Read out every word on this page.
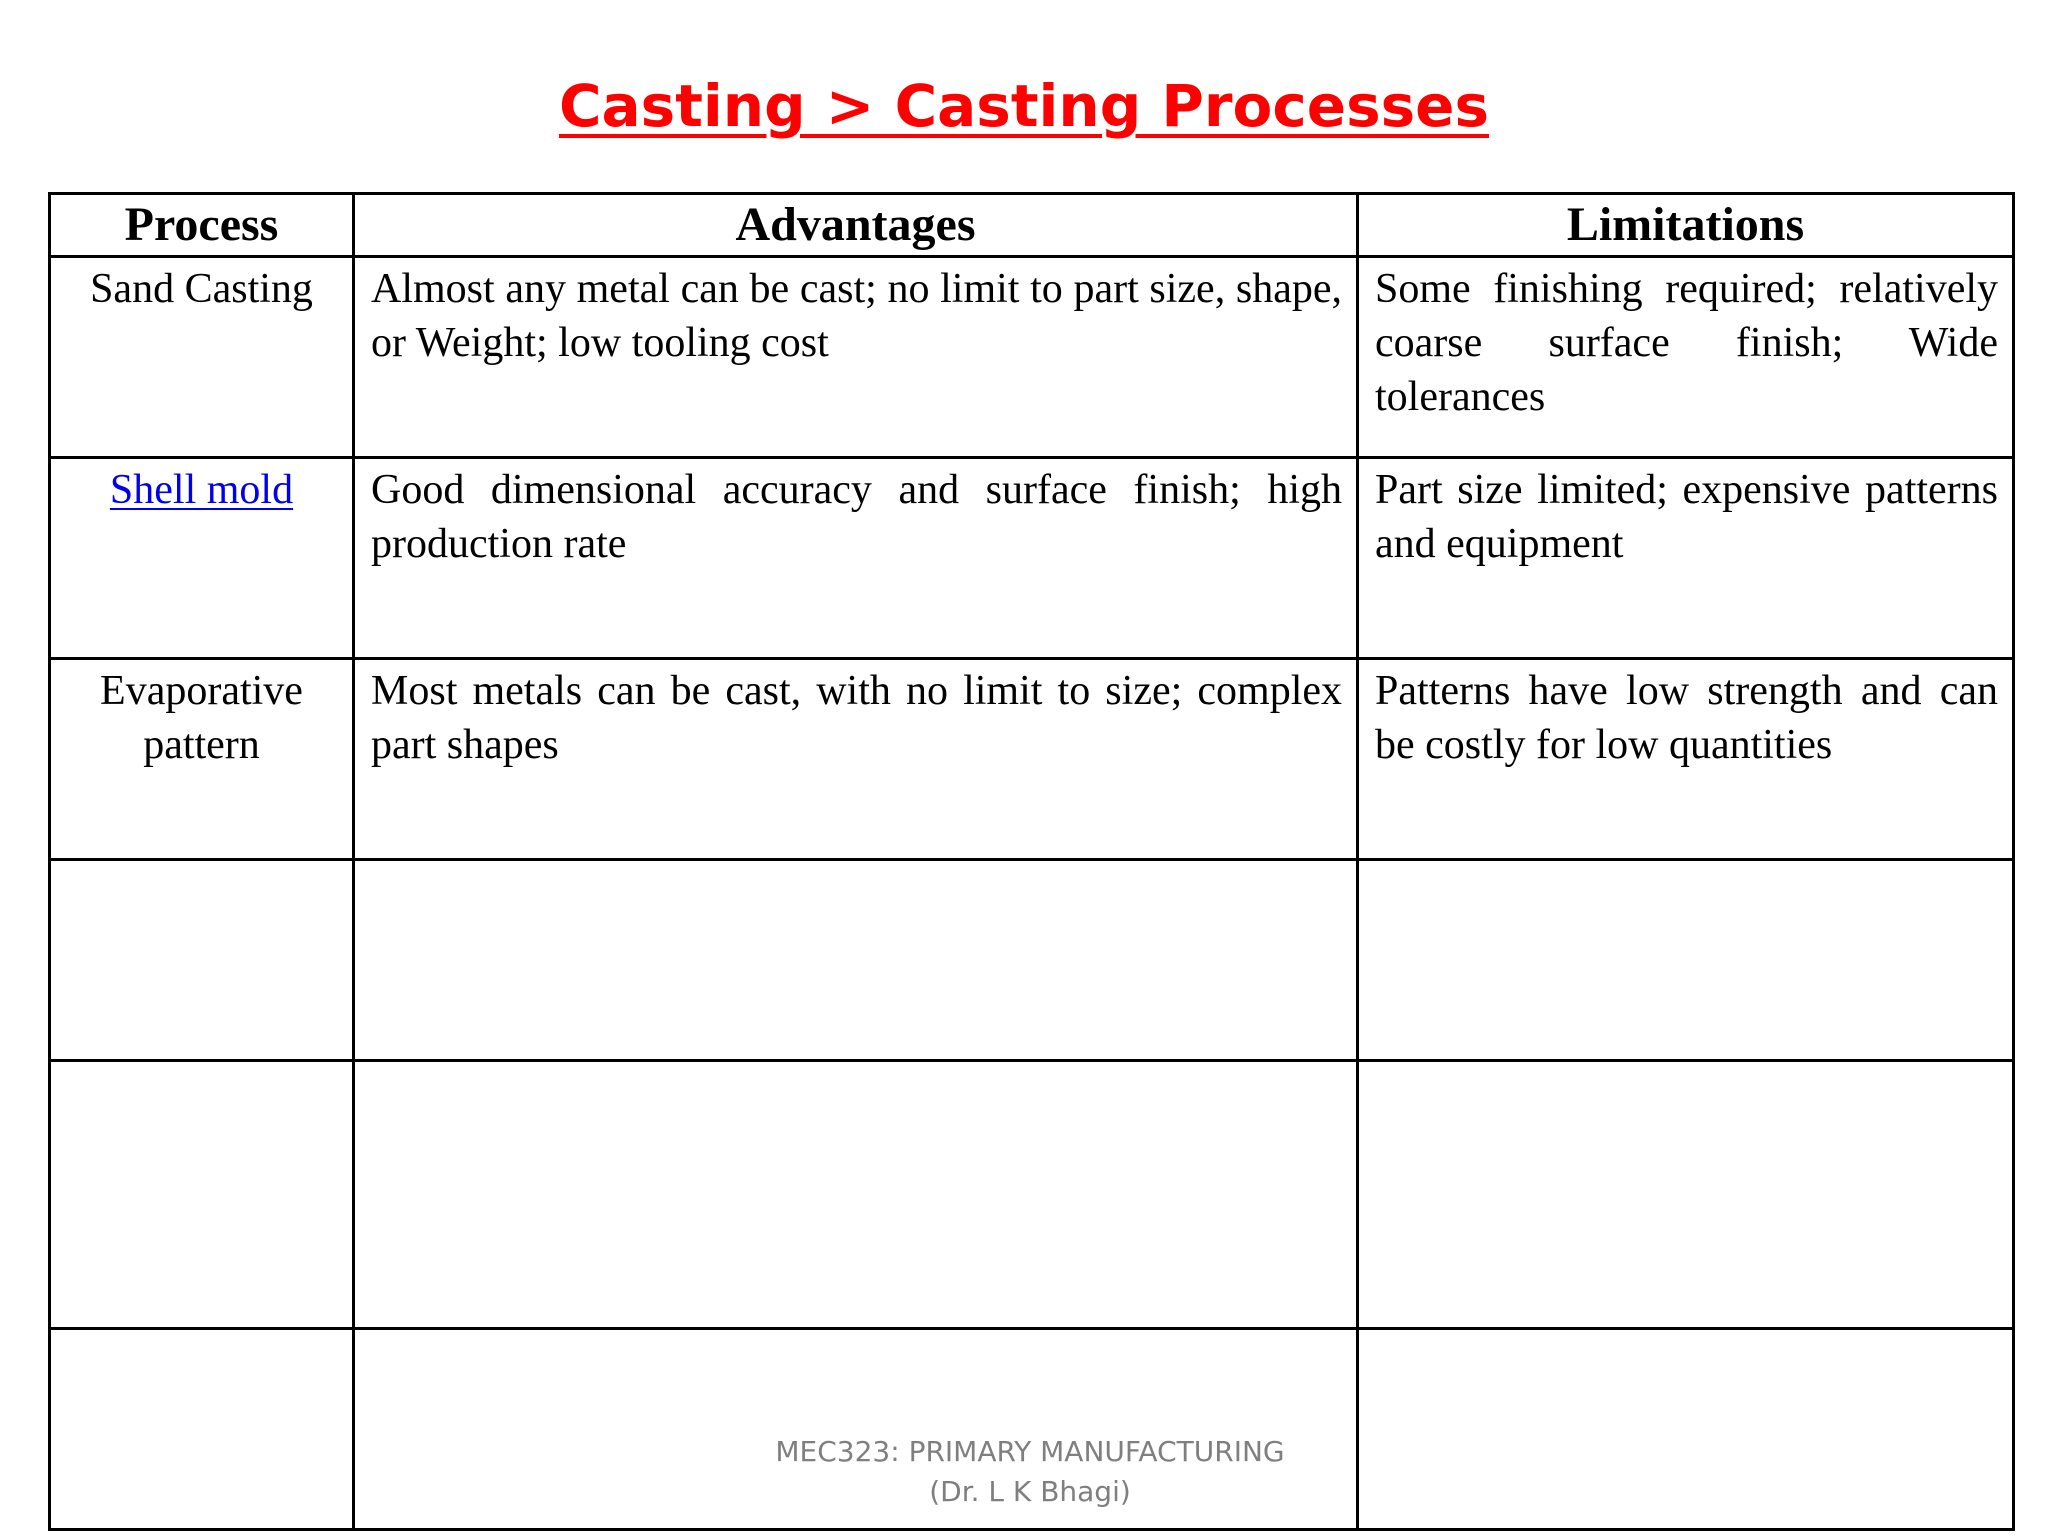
Casting > Casting Processes
Process	Advantages	Limitations
Sand Casting	Almost any metal can be cast; no limit to part size, shape, or Weight; low tooling cost	Some finishing required; relatively coarse surface finish; Wide tolerances
Shell mold	Good dimensional accuracy and surface finish; high production rate	Part size limited; expensive patterns and equipment
Evaporative pattern	Most metals can be cast, with no limit to size; complex part shapes	Patterns have low strength and can be costly for low quantities

MEC323: PRIMARY MANUFACTURING
(Dr. L K Bhagi)
